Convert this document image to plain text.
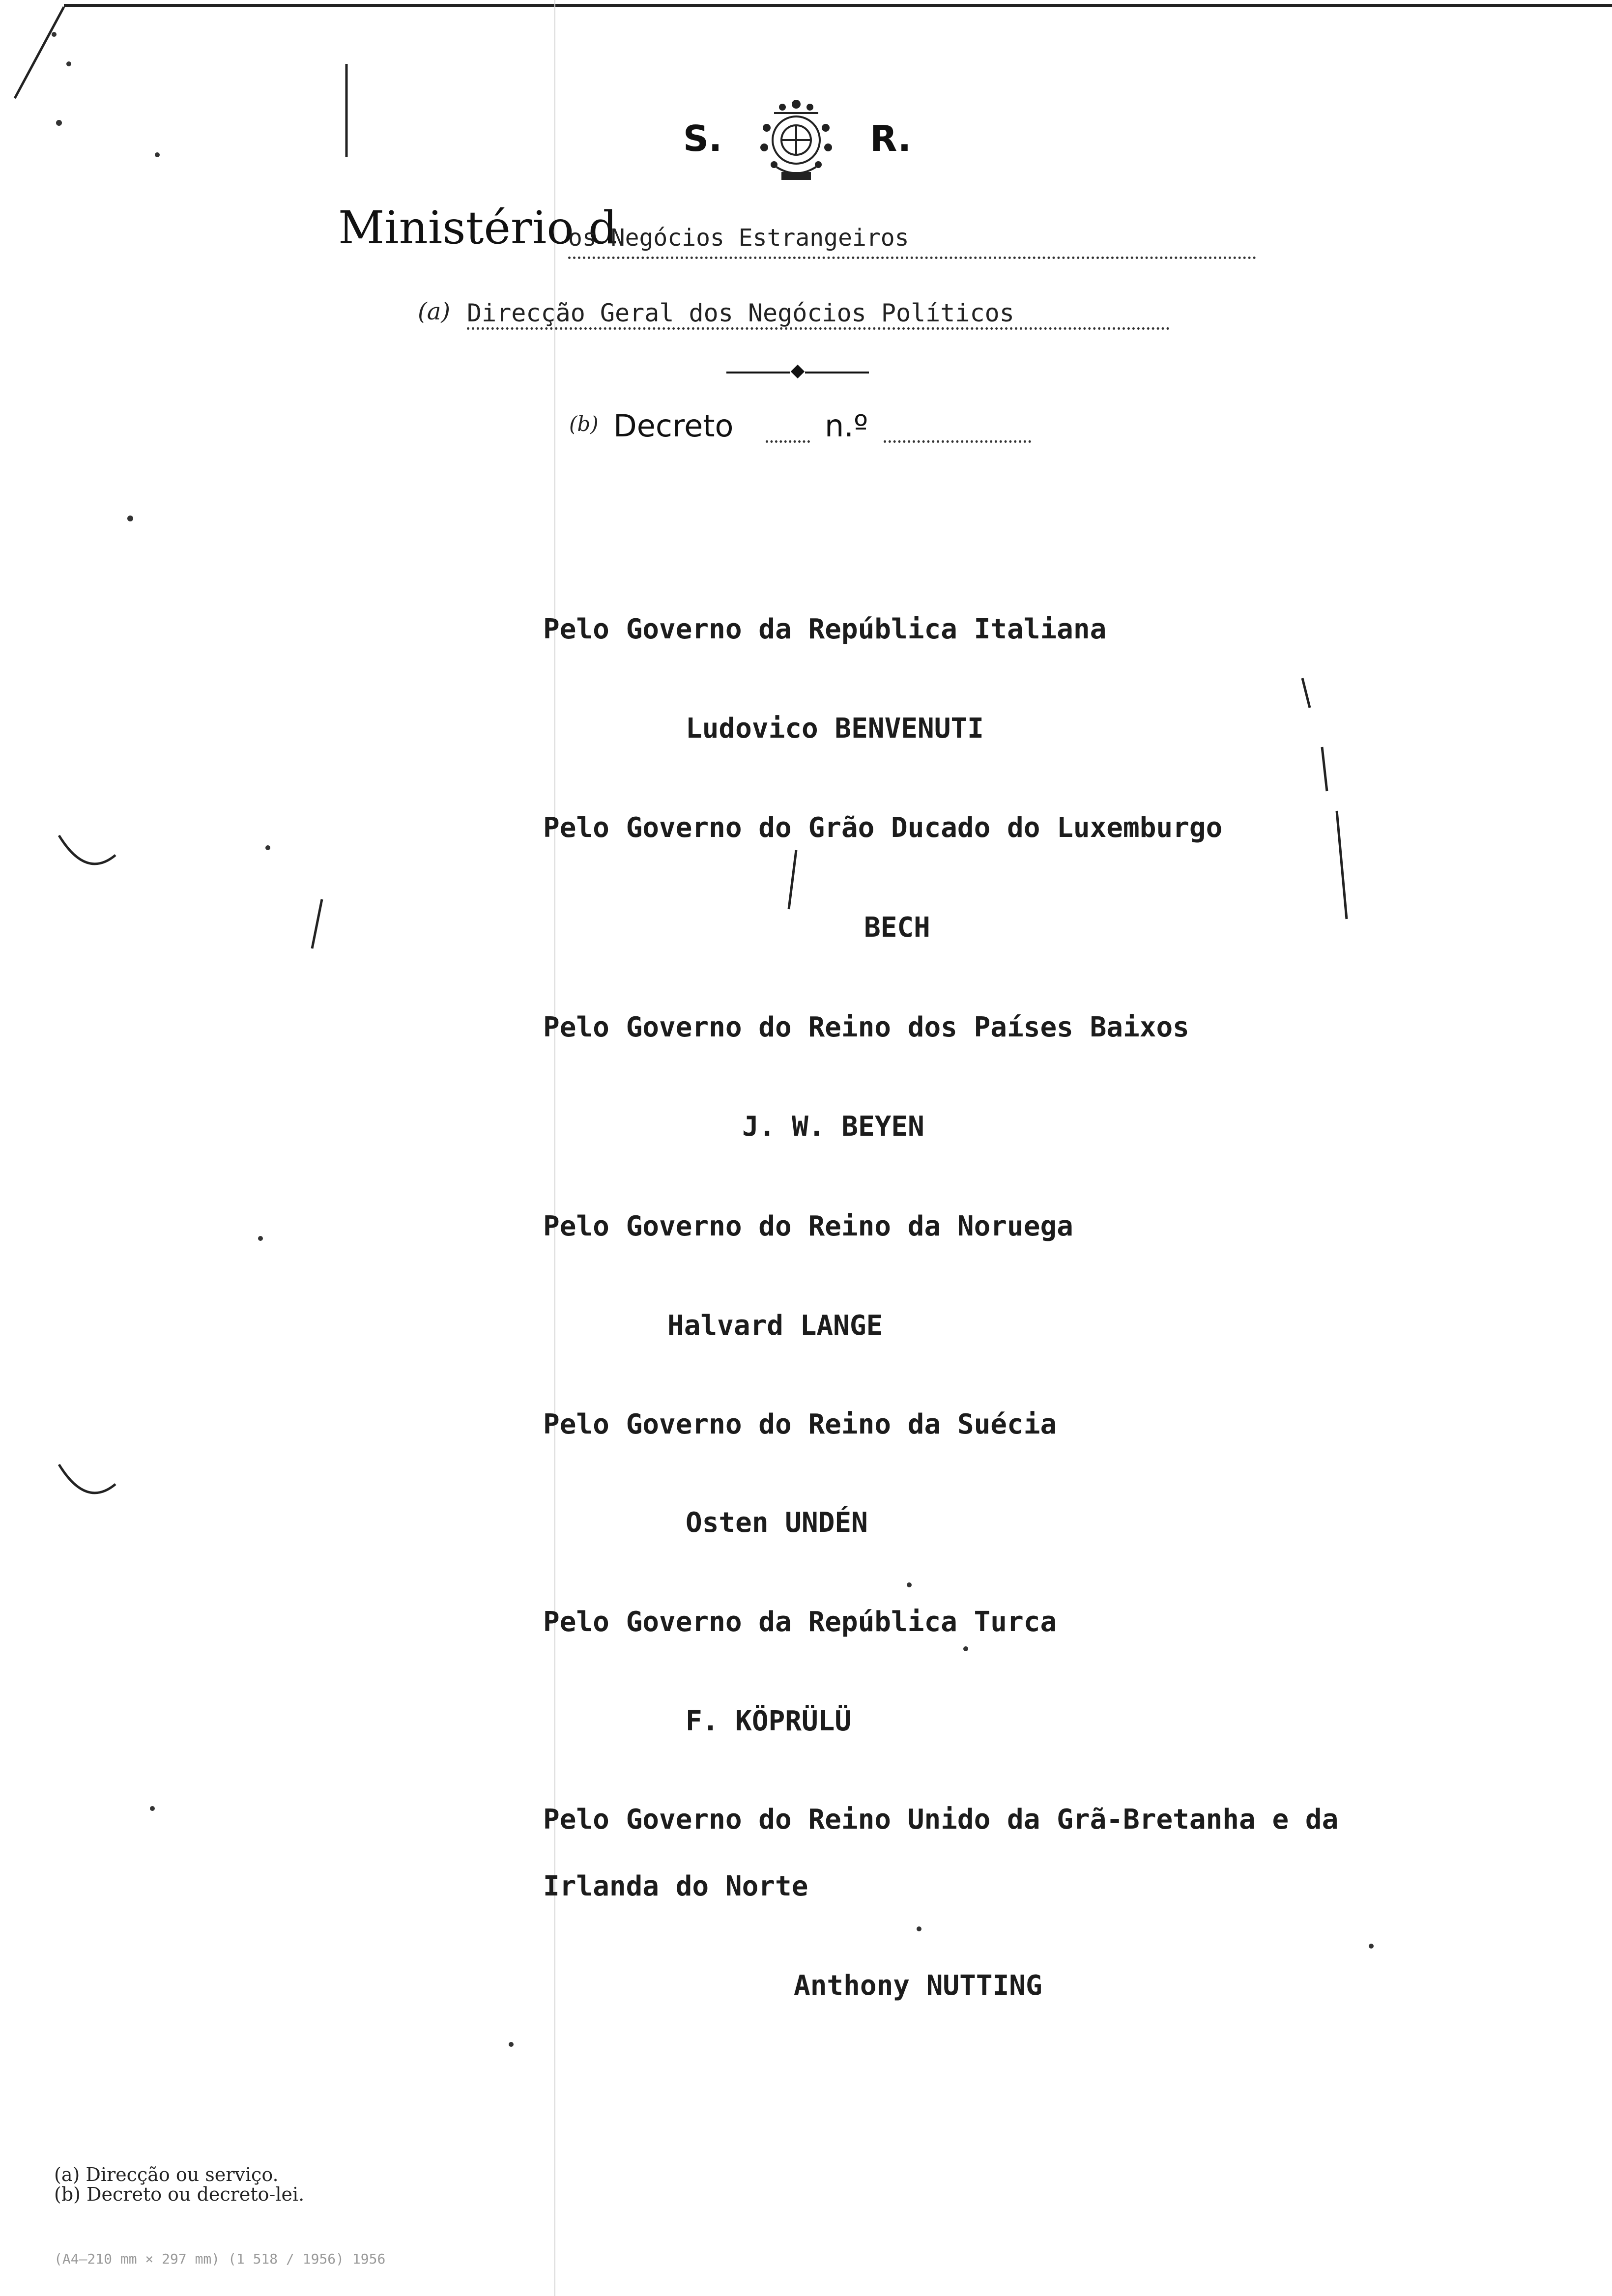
S.	R.
Ministério d
os Negócios Estrangeiros
(a) Direcção Geral dos Negócios Políticos
(b) Decreto	n.º
Pelo Governo da República Italiana
Ludovico BENVENUTI
Pelo Governo do Grão Ducado do Luxemburgo
BECH
Pelo Governo do Reino dos Países Baixos
J. W. BEYEN
Pelo Governo do Reino da Noruega
Halvard LANGE
Pelo Governo do Reino da Suécia
Osten UNDÉN
Pelo Governo da República Turca
F. KÖPRÜLÜ
Pelo Governo do Reino Unido da Grã-Bretanha e da
Irlanda do Norte
Anthony NUTTING
(a) Direcção ou serviço.
(b) Decreto ou decreto-lei.
(A4—210 mm × 297 mm) (1 518 / 1956) 1956
